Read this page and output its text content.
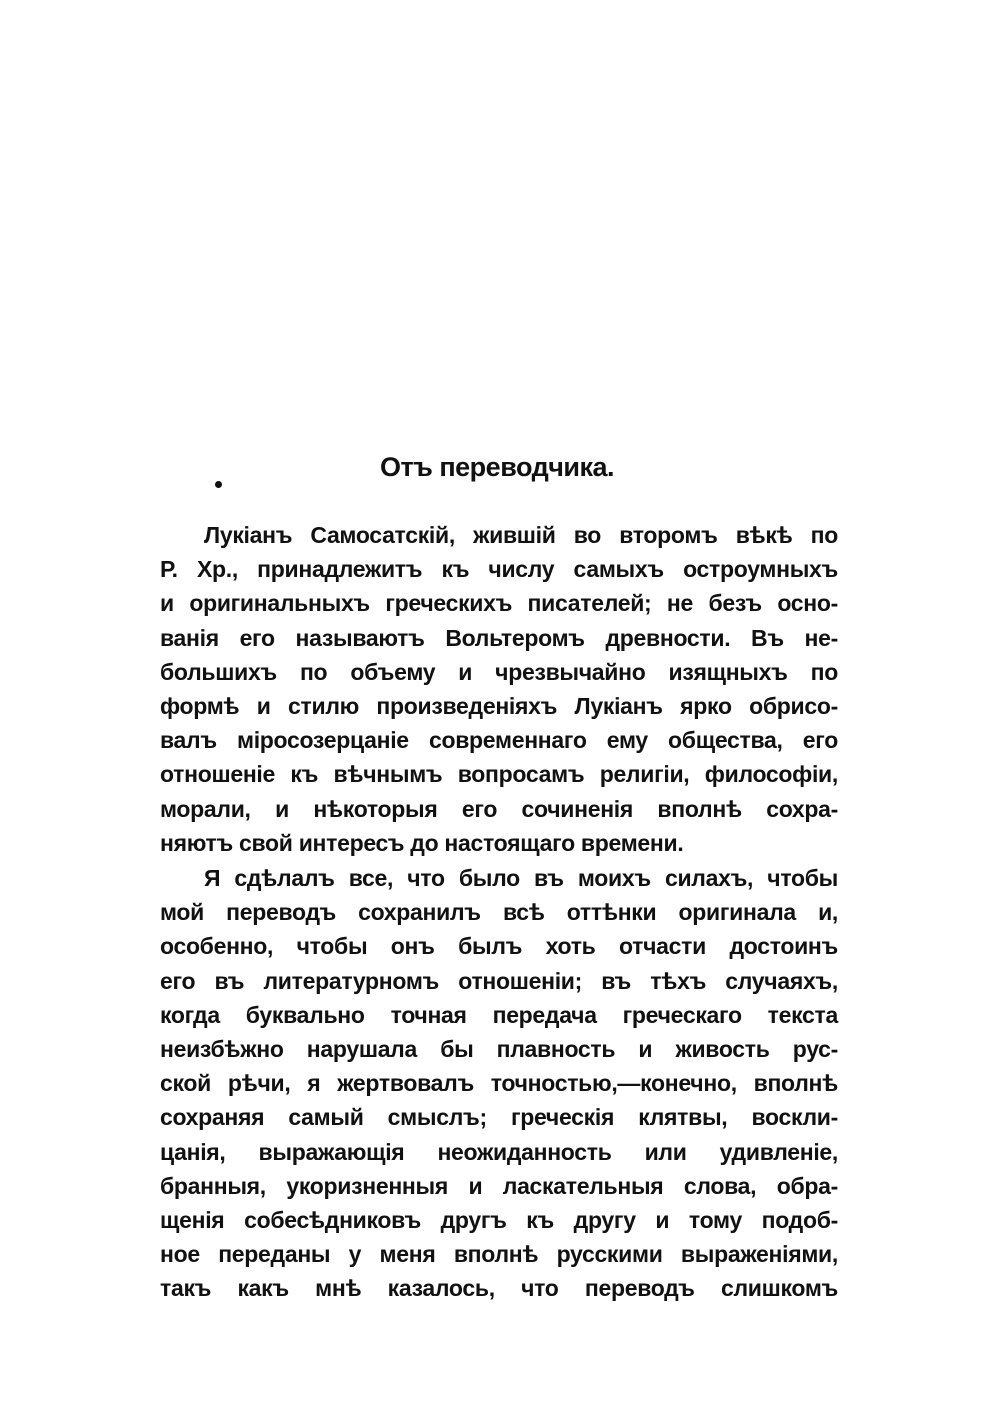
Отъ переводчика.
Лукіанъ Самосатскій, жившій во второмъ вѣкѣ по
Р. Хр., принадлежитъ къ числу самыхъ остроумныхъ
и оригинальныхъ греческихъ писателей; не безъ осно-
ванія его называютъ Вольтеромъ древности. Въ не-
большихъ по объему и чрезвычайно изящныхъ по
формѣ и стилю произведеніяхъ Лукіанъ ярко обрисо-
валъ міросозерцаніе современнаго ему общества, его
отношеніе къ вѣчнымъ вопросамъ религіи, философіи,
морали, и нѣкоторыя его сочиненія вполнѣ сохра-
няютъ свой интересъ до настоящаго времени.
Я сдѣлалъ все, что было въ моихъ силахъ, чтобы
мой переводъ сохранилъ всѣ оттѣнки оригинала и,
особенно, чтобы онъ былъ хоть отчасти достоинъ
его въ литературномъ отношеніи; въ тѣхъ случаяхъ,
когда буквально точная передача греческаго текста
неизбѣжно нарушала бы плавность и живость рус-
ской рѣчи, я жертвовалъ точностью,—конечно, вполнѣ
сохраняя самый смыслъ; греческія клятвы, воскли-
цанія, выражающія неожиданность или удивленіе,
бранныя, укоризненныя и ласкательныя слова, обра-
щенія собесѣдниковъ другъ къ другу и тому подоб-
ное переданы у меня вполнѣ русскими выраженіями,
такъ какъ мнѣ казалось, что переводъ слишкомъ
